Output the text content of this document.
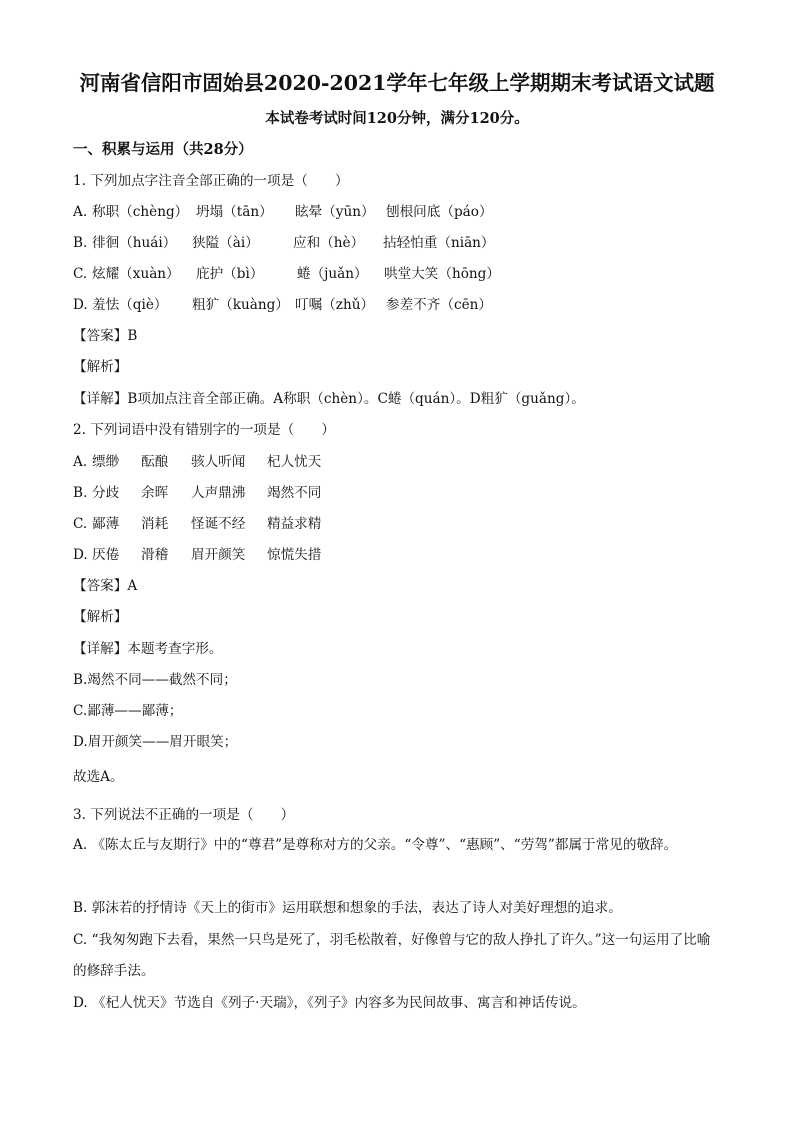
河南省信阳市固始县2020-2021学年七年级上学期期末考试语文试题
本试卷考试时间120分钟，满分120分。
一、积累与运用（共28分）
1. 下列加点字注音全部正确的一项是（　　）
A. 称职（chèng） 坍塌（tān） 眩晕（yūn） 刨根问底（páo）
B. 徘徊（huái） 狭隘（ài）	应和（hè） 拈轻怕重（niān）
C. 炫耀（xuàn） 庇护（bì） 蜷（juǎn） 哄堂大笑（hōng）
D. 羞怯（qiè） 粗犷（kuàng） 叮嘱（zhǔ） 参差不齐（cēn）
【答案】B
【解析】
【详解】B项加点注音全部正确。A称职（chèn）。C蜷（quán）。D粗犷（guǎng）。
2. 下列词语中没有错别字的一项是（　　）
A. 缥缈 酝酿 骇人听闻 杞人忧天
B. 分歧 余晖 人声鼎沸 竭然不同
C. 鄙薄 消耗 怪诞不经 精益求精
D. 厌倦 滑稽 眉开颜笑 惊慌失措
【答案】A
【解析】
【详解】本题考查字形。
B.竭然不同——截然不同；
C.鄙薄——鄙薄；
D.眉开颜笑——眉开眼笑；
故选A。
3. 下列说法不正确的一项是（　　）
A. 《陈太丘与友期行》中的“尊君”是尊称对方的父亲。“令尊”、“惠顾”、“劳驾”都属于常见的敬辞。
B. 郭沫若的抒情诗《天上的街市》运用联想和想象的手法，表达了诗人对美好理想的追求。
C. “我匆匆跑下去看，果然一只鸟是死了，羽毛松散着，好像曾与它的敌人挣扎了许久。”这一句运用了比喻的修辞手法。
D. 《杞人忧天》节选自《列子·天瑞》，《列子》内容多为民间故事、寓言和神话传说。
